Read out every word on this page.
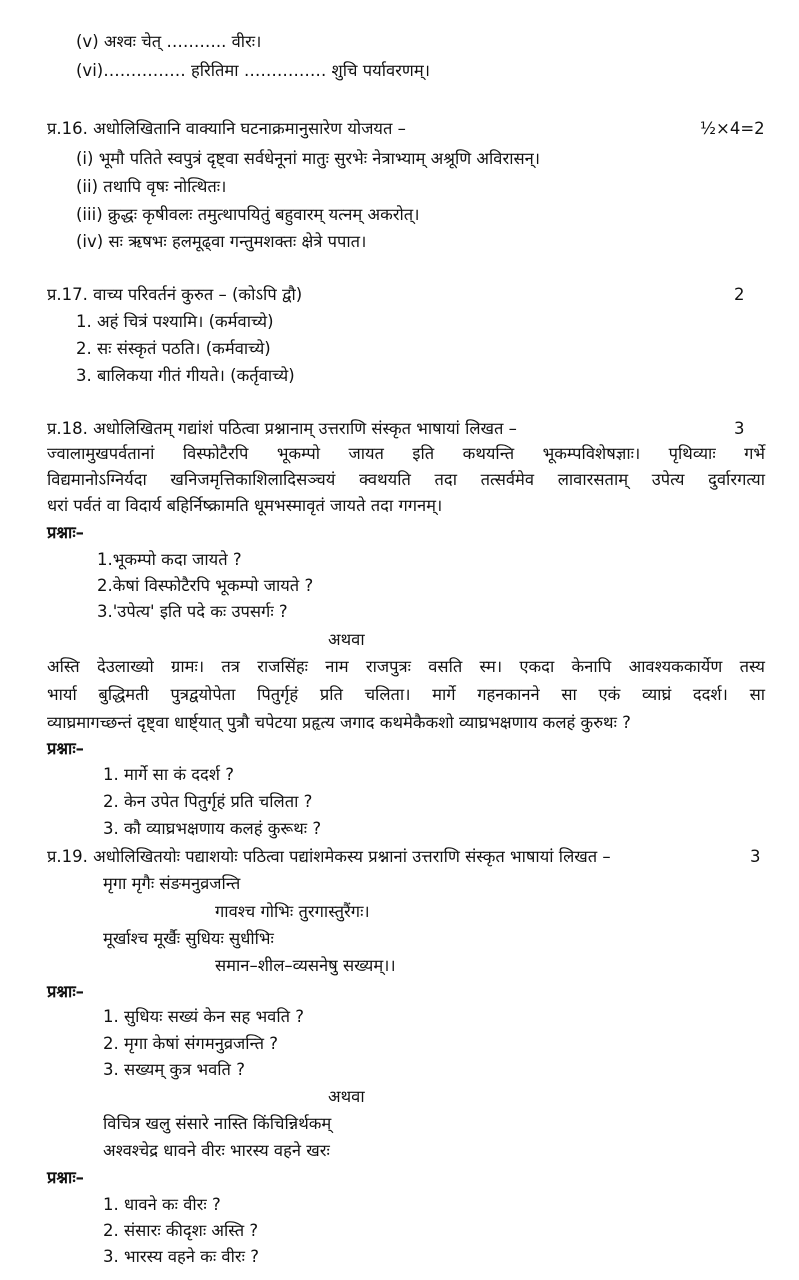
(v) अश्वः चेत् ……….. वीरः।
(vi)…………… हरितिमा …………… शुचि पर्यावरणम्।
प्र.16. अधोलिखितानि वाक्यानि घटनाक्रमानुसारेण योजयत –	½×4=2
(i) भूमौ पतिते स्वपुत्रं दृष्ट्वा सर्वधेनूनां मातुः सुरभेः नेत्राभ्याम् अश्रूणि अविरासन्।
(ii) तथापि वृषः नोत्थितः।
(iii) क्रुद्धः कृषीवलः तमुत्थापयितुं बहुवारम् यत्नम् अकरोत्।
(iv) सः ऋषभः हलमूढ्वा गन्तुमशक्तः क्षेत्रे पपात।
प्र.17. वाच्य परिवर्तनं कुरुत – (कोऽपि द्वौ)	2
1. अहं चित्रं पश्यामि। (कर्मवाच्ये)
2. सः संस्कृतं पठति। (कर्मवाच्ये)
3. बालिकया गीतं गीयते। (कर्तृवाच्ये)
प्र.18. अधोलिखितम् गद्यांशं पठित्वा प्रश्नानाम् उत्तराणि संस्कृत भाषायां लिखत –	3
ज्वालामुखपर्वतानां विस्फोटैरपि भूकम्पो जायत इति कथयन्ति भूकम्पविशेषज्ञाः। पृथिव्याः गर्भे
विद्यमानोऽग्निर्यदा खनिजमृत्तिकाशिलादिसञ्चयं क्वथयति तदा तत्सर्वमेव लावारसताम् उपेत्य दुर्वारगत्या
धरां पर्वतं वा विदार्य बहिर्निष्क्रामति धूमभस्मावृतं जायते तदा गगनम्।
प्रश्नाः–
1.भूकम्पो कदा जायते ?
2.केषां विस्फोटैरपि भूकम्पो जायते ?
3.'उपेत्य' इति पदे कः उपसर्गः ?
अथवा
अस्ति देउलाख्यो ग्रामः। तत्र राजसिंहः नाम राजपुत्रः वसति स्म। एकदा केनापि आवश्यककार्येण तस्य
भार्या बुद्धिमती पुत्रद्वयोपेता पितुर्गृहं प्रति चलिता। मार्गे गहनकानने सा एकं व्याघ्रं ददर्श। सा
व्याघ्रमागच्छन्तं दृष्ट्वा धार्ष्ट्यात् पुत्रौ चपेटया प्रहृत्य जगाद कथमेकैकशो व्याघ्रभक्षणाय कलहं कुरुथः ?
प्रश्नाः–
1. मार्गे सा कं ददर्श ?
2. केन उपेत पितुर्गृहं प्रति चलिता ?
3. कौ व्याघ्रभक्षणाय कलहं कुरूथः ?
प्र.19. अधोलिखितयोः पद्याशयोः पठित्वा पद्यांशमेकस्य प्रश्नानां उत्तराणि संस्कृत भाषायां लिखत –	3
मृगा मृगैः संङमनुव्रजन्ति
गावश्च गोभिः तुरगास्तुरैंगः।
मूर्खाश्च मूर्खैः सुधियः सुधीभिः
समान–शील–व्यसनेषु सख्यम्।।
प्रश्नाः–
1. सुधियः सख्यं केन सह भवति ?
2. मृगा केषां संगमनुव्रजन्ति ?
3. सख्यम् कुत्र भवति ?
अथवा
विचित्र खलु संसारे नास्ति किंचिन्निर्थकम्
अश्वश्चेद्र धावने वीरः भारस्य वहने खरः
प्रश्नाः–
1. धावने कः वीरः ?
2. संसारः कीदृशः अस्ति ?
3. भारस्य वहने कः वीरः ?
